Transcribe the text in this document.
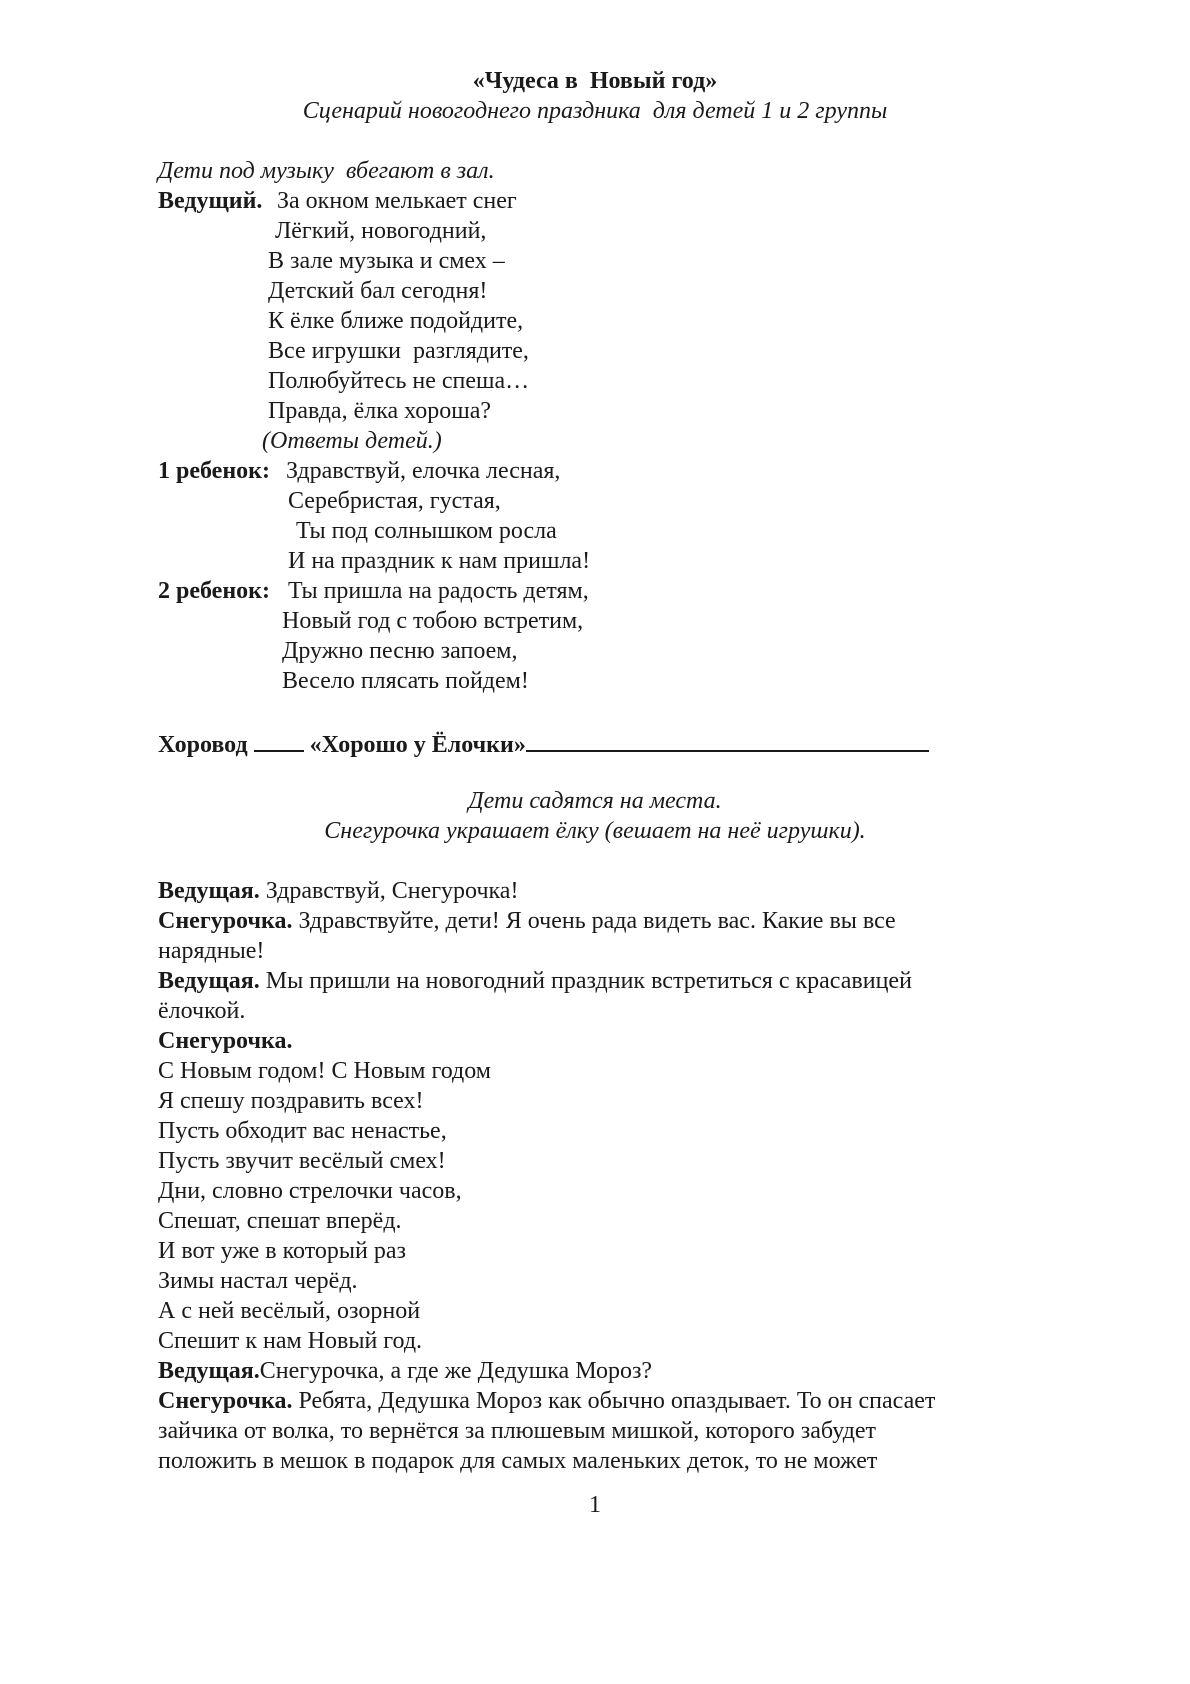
«Чудеса в  Новый год»
Сценарий новогоднего праздника  для детей 1 и 2 группы
Дети под музыку  вбегают в зал.
Ведущий. За окном мелькает снег
Лёгкий, новогодний,
В зале музыка и смех –
Детский бал сегодня!
К ёлке ближе подойдите,
Все игрушки  разглядите,
Полюбуйтесь не спеша…
Правда, ёлка хороша?
(Ответы детей.)
1 ребенок: Здравствуй, елочка лесная,
Серебристая, густая,
Ты под солнышком росла
И на праздник к нам пришла!
2 ребенок: Ты пришла на радость детям,
Новый год с тобою встретим,
Дружно песню запоем,
Весело плясать пойдем!
Хоровод	«Хорошо у Ёлочки»
Дети садятся на места.
Снегурочка украшает ёлку (вешает на неё игрушки).
Ведущая. Здравствуй, Снегурочка!
Снегурочка. Здравствуйте, дети! Я очень рада видеть вас. Какие вы все
нарядные!
Ведущая. Мы пришли на новогодний праздник встретиться с красавицей
ёлочкой.
Снегурочка.
С Новым годом! С Новым годом
Я спешу поздравить всех!
Пусть обходит вас ненастье,
Пусть звучит весёлый смех!
Дни, словно стрелочки часов,
Спешат, спешат вперёд.
И вот уже в который раз
Зимы настал черёд.
А с ней весёлый, озорной
Спешит к нам Новый год.
Ведущая.Снегурочка, а где же Дедушка Мороз?
Снегурочка. Ребята, Дедушка Мороз как обычно опаздывает. То он спасает
зайчика от волка, то вернётся за плюшевым мишкой, которого забудет
положить в мешок в подарок для самых маленьких деток, то не может
1
